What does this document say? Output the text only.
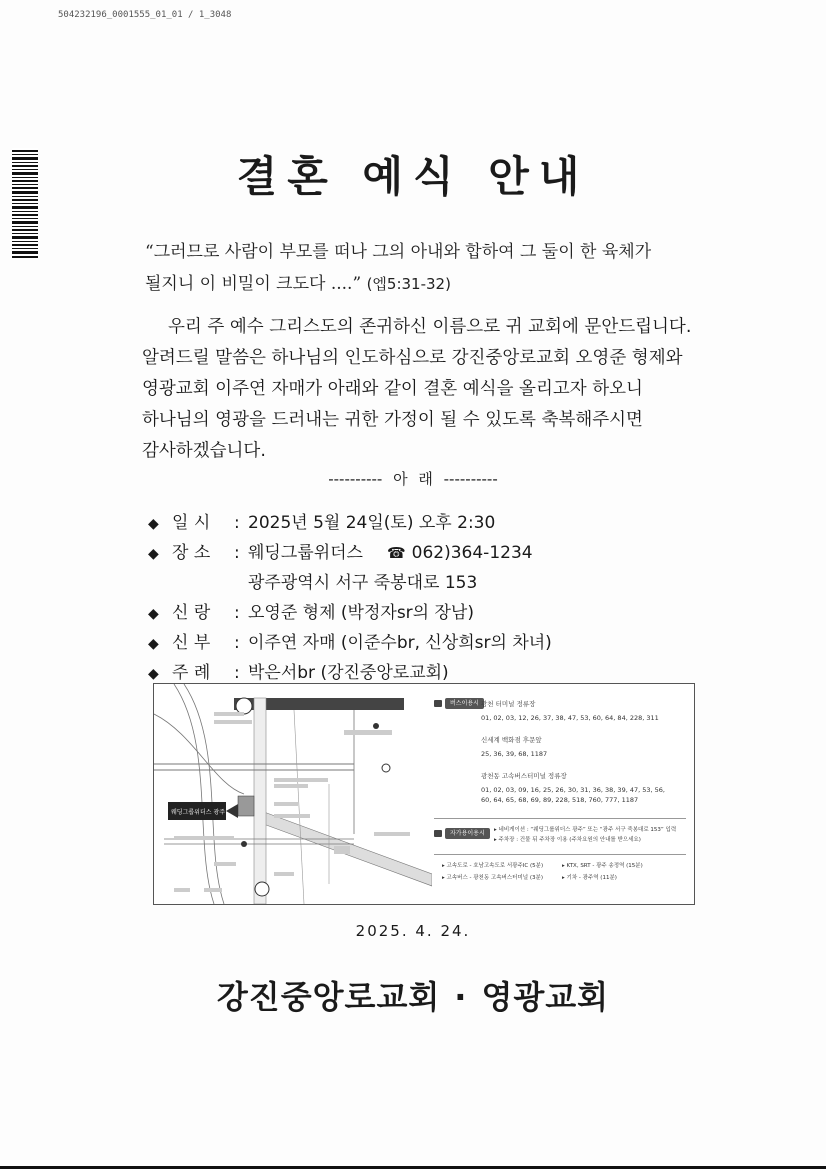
504232196_0001555_01_01 / 1_3048
결혼 예식 안내
“그러므로 사람이 부모를 떠나 그의 아내와 합하여 그 둘이 한 육체가
될지니 이 비밀이 크도다 ....” (엡5:31-32)

우리 주 예수 그리스도의 존귀하신 이름으로 귀 교회에 문안드립니다.

알려드릴 말씀은 하나님의 인도하심으로 강진중앙로교회 오영준 형제와

영광교회 이주연 자매가 아래와 같이 결혼 예식을 올리고자 하오니

하나님의 영광을 드러내는 귀한 가정이 될 수 있도록 축복해주시면

감사하겠습니다.

---------- 아 래 ----------
◆ 일 시 : 2025년 5월 24일(토) 오후 2:30
◆ 장 소 : 웨딩그룹위더스 ☎ 062)364-1234
광주광역시 서구 죽봉대로 153
◆ 신 랑 : 오영준 형제 (박정자sr의 장남)
◆ 신 부 : 이주연 자매 (이준수br, 신상희sr의 차녀)
◆ 주 례 : 박은서br (강진중앙로교회)
웨딩그룹위더스 광주
버스이용시 광천 터미널 정류장
01, 02, 03, 12, 26, 37, 38, 47, 53, 60, 64, 84, 228, 311
신세계 백화점 후문앞
25, 36, 39, 68, 1187
광천동 고속버스터미널 정류장
01, 02, 03, 09, 16, 25, 26, 30, 31, 36, 38, 39, 47, 53, 56,
60, 64, 65, 68, 69, 89, 228, 518, 760, 777, 1187
자가용이용시	▸ 네비게이션 : “웨딩그룹위더스 광주” 또는 “광주 서구 죽봉대로 153” 입력
▸ 주차장 : 건물 뒤 주차장 이용 (주차요원의 안내를 받으세요)
▸ 고속도로 - 호남고속도로 서광주IC (5분)	▸ KTX, SRT - 광주 송정역 (15분)
▸ 고속버스 - 광천동 고속버스터미널 (3분)	▸ 기차 - 광주역 (11분)
2025. 4. 24.
강진중앙로교회 · 영광교회
